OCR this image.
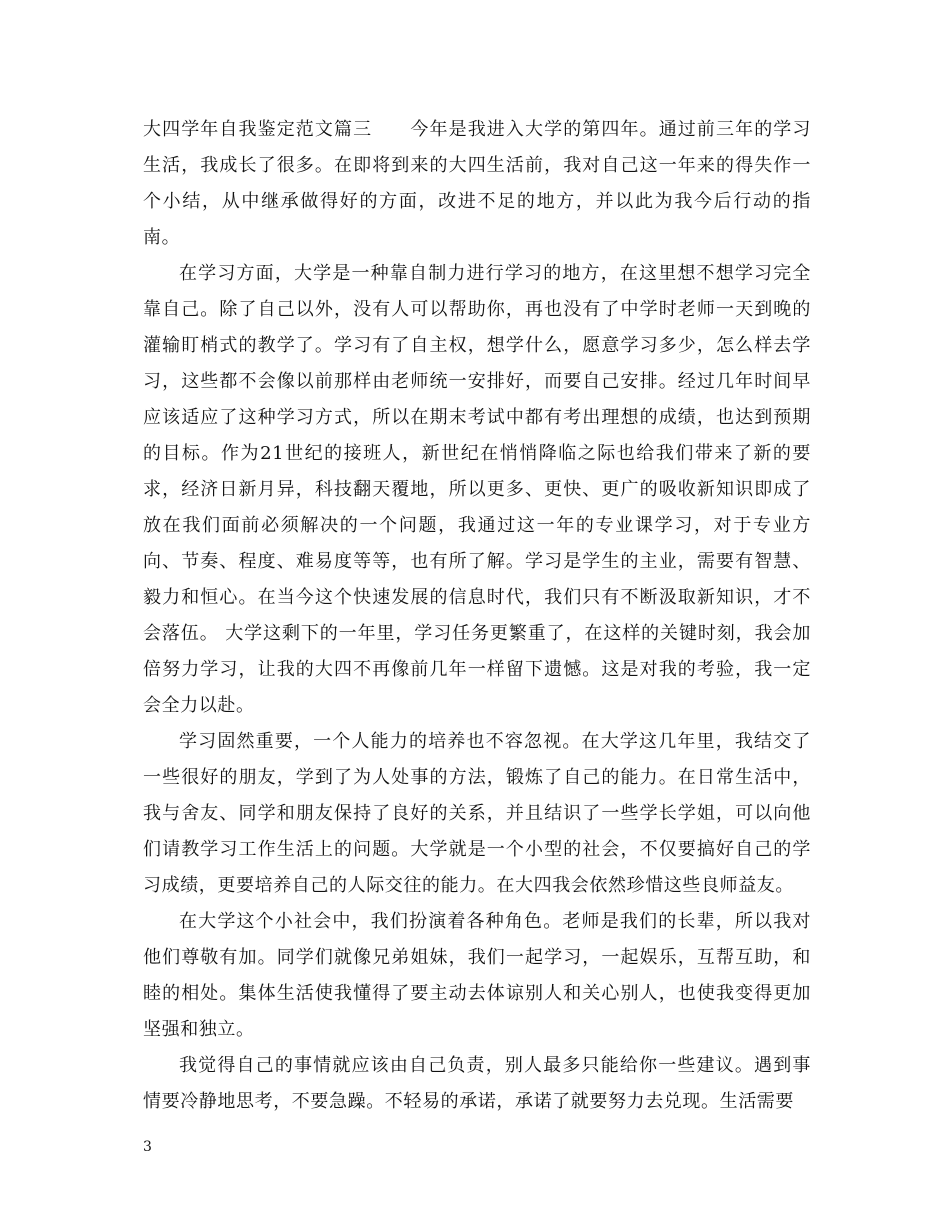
大四学年自我鉴定范文篇三　　今年是我进入大学的第四年。通过前三年的学习生活，我成长了很多。在即将到来的大四生活前，我对自己这一年来的得失作一个小结，从中继承做得好的方面，改进不足的地方，并以此为我今后行动的指南。

在学习方面，大学是一种靠自制力进行学习的地方，在这里想不想学习完全靠自己。除了自己以外，没有人可以帮助你，再也没有了中学时老师一天到晚的灌输盯梢式的教学了。学习有了自主权，想学什么，愿意学习多少，怎么样去学习，这些都不会像以前那样由老师统一安排好，而要自己安排。经过几年时间早应该适应了这种学习方式，所以在期末考试中都有考出理想的成绩，也达到预期的目标。作为21世纪的接班人，新世纪在悄悄降临之际也给我们带来了新的要求，经济日新月异，科技翻天覆地，所以更多、更快、更广的吸收新知识即成了放在我们面前必须解决的一个问题，我通过这一年的专业课学习，对于专业方向、节奏、程度、难易度等等，也有所了解。学习是学生的主业，需要有智慧、毅力和恒心。在当今这个快速发展的信息时代，我们只有不断汲取新知识，才不会落伍。 大学这剩下的一年里，学习任务更繁重了，在这样的关键时刻，我会加倍努力学习，让我的大四不再像前几年一样留下遗憾。这是对我的考验，我一定会全力以赴。

学习固然重要，一个人能力的培养也不容忽视。在大学这几年里，我结交了一些很好的朋友，学到了为人处事的方法，锻炼了自己的能力。在日常生活中，我与舍友、同学和朋友保持了良好的关系，并且结识了一些学长学姐，可以向他们请教学习工作生活上的问题。大学就是一个小型的社会，不仅要搞好自己的学习成绩，更要培养自己的人际交往的能力。在大四我会依然珍惜这些良师益友。

在大学这个小社会中，我们扮演着各种角色。老师是我们的长辈，所以我对他们尊敬有加。同学们就像兄弟姐妹，我们一起学习，一起娱乐，互帮互助，和睦的相处。集体生活使我懂得了要主动去体谅别人和关心别人，也使我变得更加坚强和独立。

我觉得自己的事情就应该由自己负责，别人最多只能给你一些建议。遇到事情要冷静地思考，不要急躁。不轻易的承诺，承诺了就要努力去兑现。生活需要

3
